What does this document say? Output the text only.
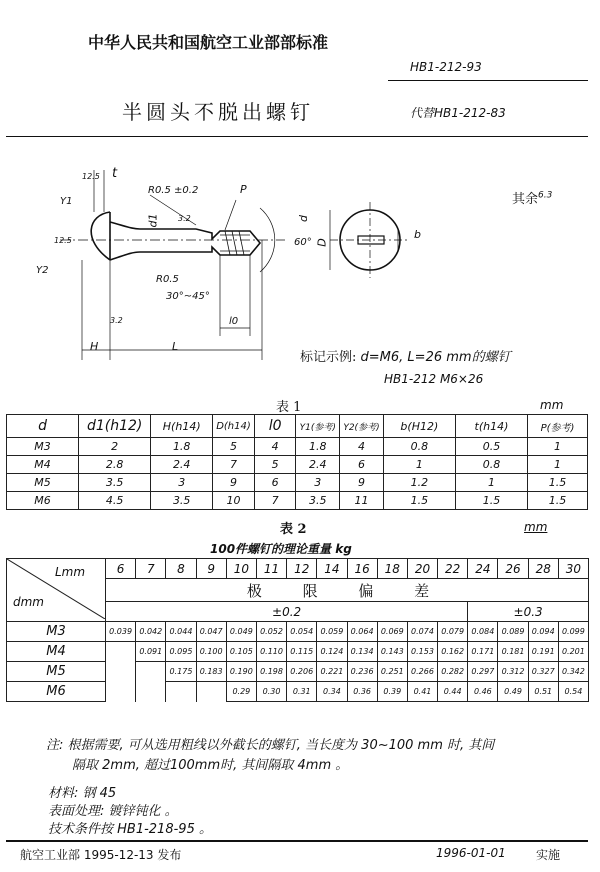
中华人民共和国航空工业部部标准
HB1-212-93
半圆头不脱出螺钉	代替HB1-212-83
t
R0.5 ±0.2	P
Y1
Y2
d1	d
D
b
60°
R0.5
30°~45°
l0
H	L
12.5
12.5
3.2
3.2
其余$^{6.3}$
标记示例: d=M6, L=26 mm的螺钉
HB1-212 M6×26
表 1	mm
d	d1(h12)	H(h14)	D(h14)	l0	Y1(参考)	Y2(参考)	b(H12)	t(h14)	P(参考)
M3	2	1.8	5	4	1.8	4	0.8	0.5	1
M4	2.8	2.4	7	5	2.4	6	1	0.8	1
M5	3.5	3	9	6	3	9	1.2	1	1.5
M6	4.5	3.5	10	7	3.5	11	1.5	1.5	1.5
表 2	mm
100件螺钉的理论重量 kg
Lmm
dmm	6	7	8	9	10	11	12	14	16	18	20	22	24	26	28	30
	极 限 偏 差															
	±0.2												±0.3			
M3	0.039	0.042	0.044	0.047	0.049	0.052	0.054	0.059	0.064	0.069	0.074	0.079	0.084	0.089	0.094	0.099
M4		0.091	0.095	0.100	0.105	0.110	0.115	0.124	0.134	0.143	0.153	0.162	0.171	0.181	0.191	0.201
M5			0.175	0.183	0.190	0.198	0.206	0.221	0.236	0.251	0.266	0.282	0.297	0.312	0.327	0.342
M6					0.29	0.30	0.31	0.34	0.36	0.39	0.41	0.44	0.46	0.49	0.51	0.54
注: 根据需要, 可从选用粗线以外截长的螺钉, 当长度为 30~100 mm 时, 其间
隔取 2mm, 超过100mm时, 其间隔取 4mm 。
材料: 钢 45
表面处理: 镀锌钝化 。
技术条件按 HB1-218-95 。
航空工业部 1995-12-13 发布	1996-01-01	实施
